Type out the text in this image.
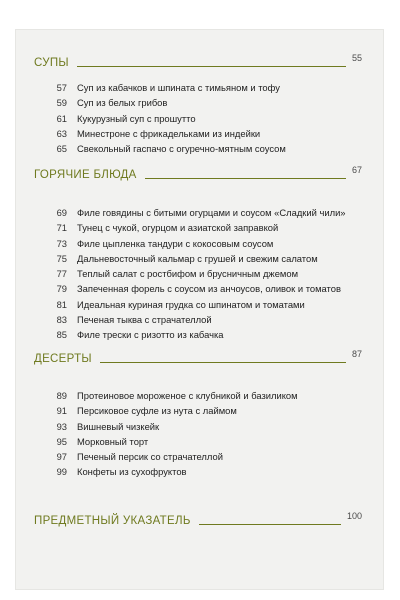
СУПЫ	55
57	Суп из кабачков и шпината с тимьяном и тофу
59	Суп из белых грибов
61	Кукурузный суп с прошутто
63	Минестроне с фрикадельками из индейки
65	Свекольный гаспачо с огуречно-мятным соусом
ГОРЯЧИЕ БЛЮДА	67
69	Филе говядины с битыми огурцами и соусом «Сладкий чили»
71	Тунец с чукой, огурцом и азиатской заправкой
73	Филе цыпленка тандури с кокосовым соусом
75	Дальневосточный кальмар с грушей и свежим салатом
77	Теплый салат с ростбифом и брусничным джемом
79	Запеченная форель с соусом из анчоусов, оливок и томатов
81	Идеальная куриная грудка со шпинатом и томатами
83	Печеная тыква с страчателлой
85	Филе трески с ризотто из кабачка
ДЕСЕРТЫ	87
89	Протеиновое мороженое с клубникой и базиликом
91	Персиковое суфле из нута с лаймом
93	Вишневый чизкейк
95	Морковный торт
97	Печеный персик со страчателлой
99	Конфеты из сухофруктов
ПРЕДМЕТНЫЙ УКАЗАТЕЛЬ	100
